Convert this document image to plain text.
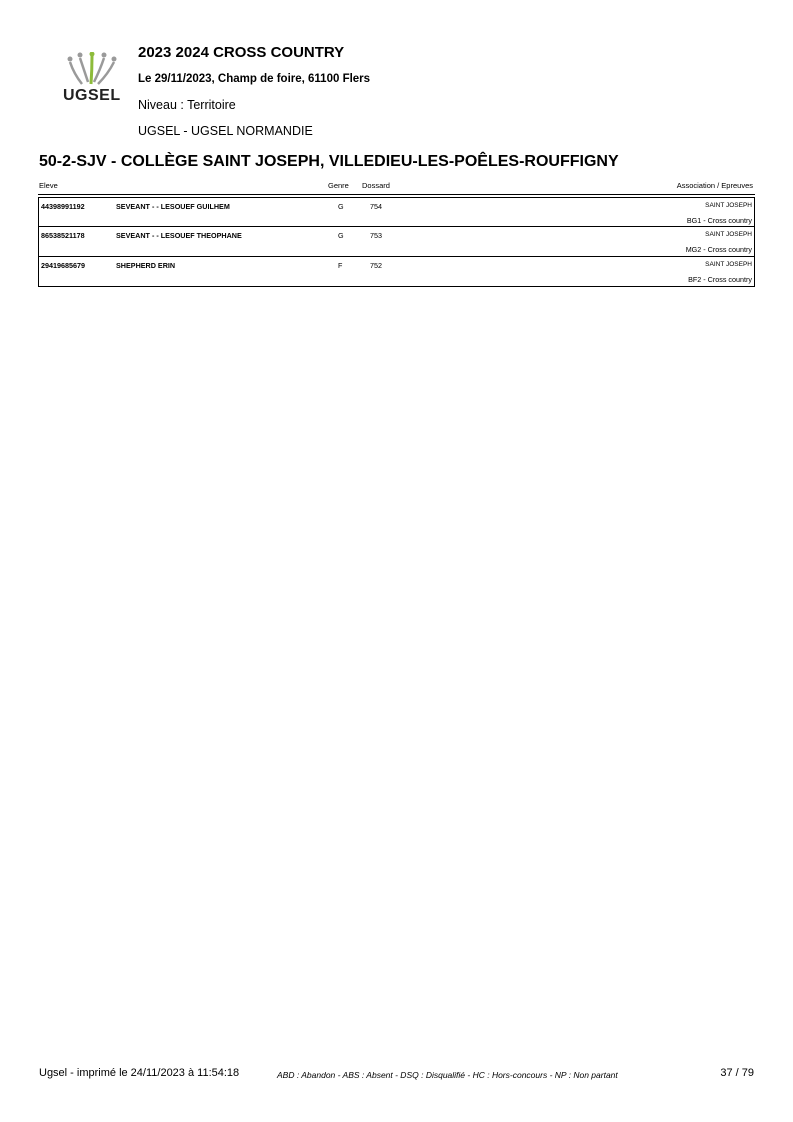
UGSEL
2023 2024 CROSS COUNTRY
Le 29/11/2023, Champ de foire, 61100 Flers
Niveau : Territoire
UGSEL - UGSEL NORMANDIE
50-2-SJV - COLLÈGE SAINT JOSEPH, VILLEDIEU-LES-POÊLES-ROUFFIGNY
Eleve	Genre Dossard	Association / Epreuves
44398991192	SEVEANT - - LESOUEF GUILHEM	G	754	SAINT JOSEPH
BG1 - Cross country
86538521178	SEVEANT - - LESOUEF THEOPHANE	G	753	SAINT JOSEPH
MG2 - Cross country
29419685679	SHEPHERD ERIN	F	752	SAINT JOSEPH
BF2 - Cross country
Ugsel - imprimé le 24/11/2023 à 11:54:18	ABD : Abandon - ABS : Absent - DSQ : Disqualifié - HC : Hors-concours - NP : Non partant	37 / 79
